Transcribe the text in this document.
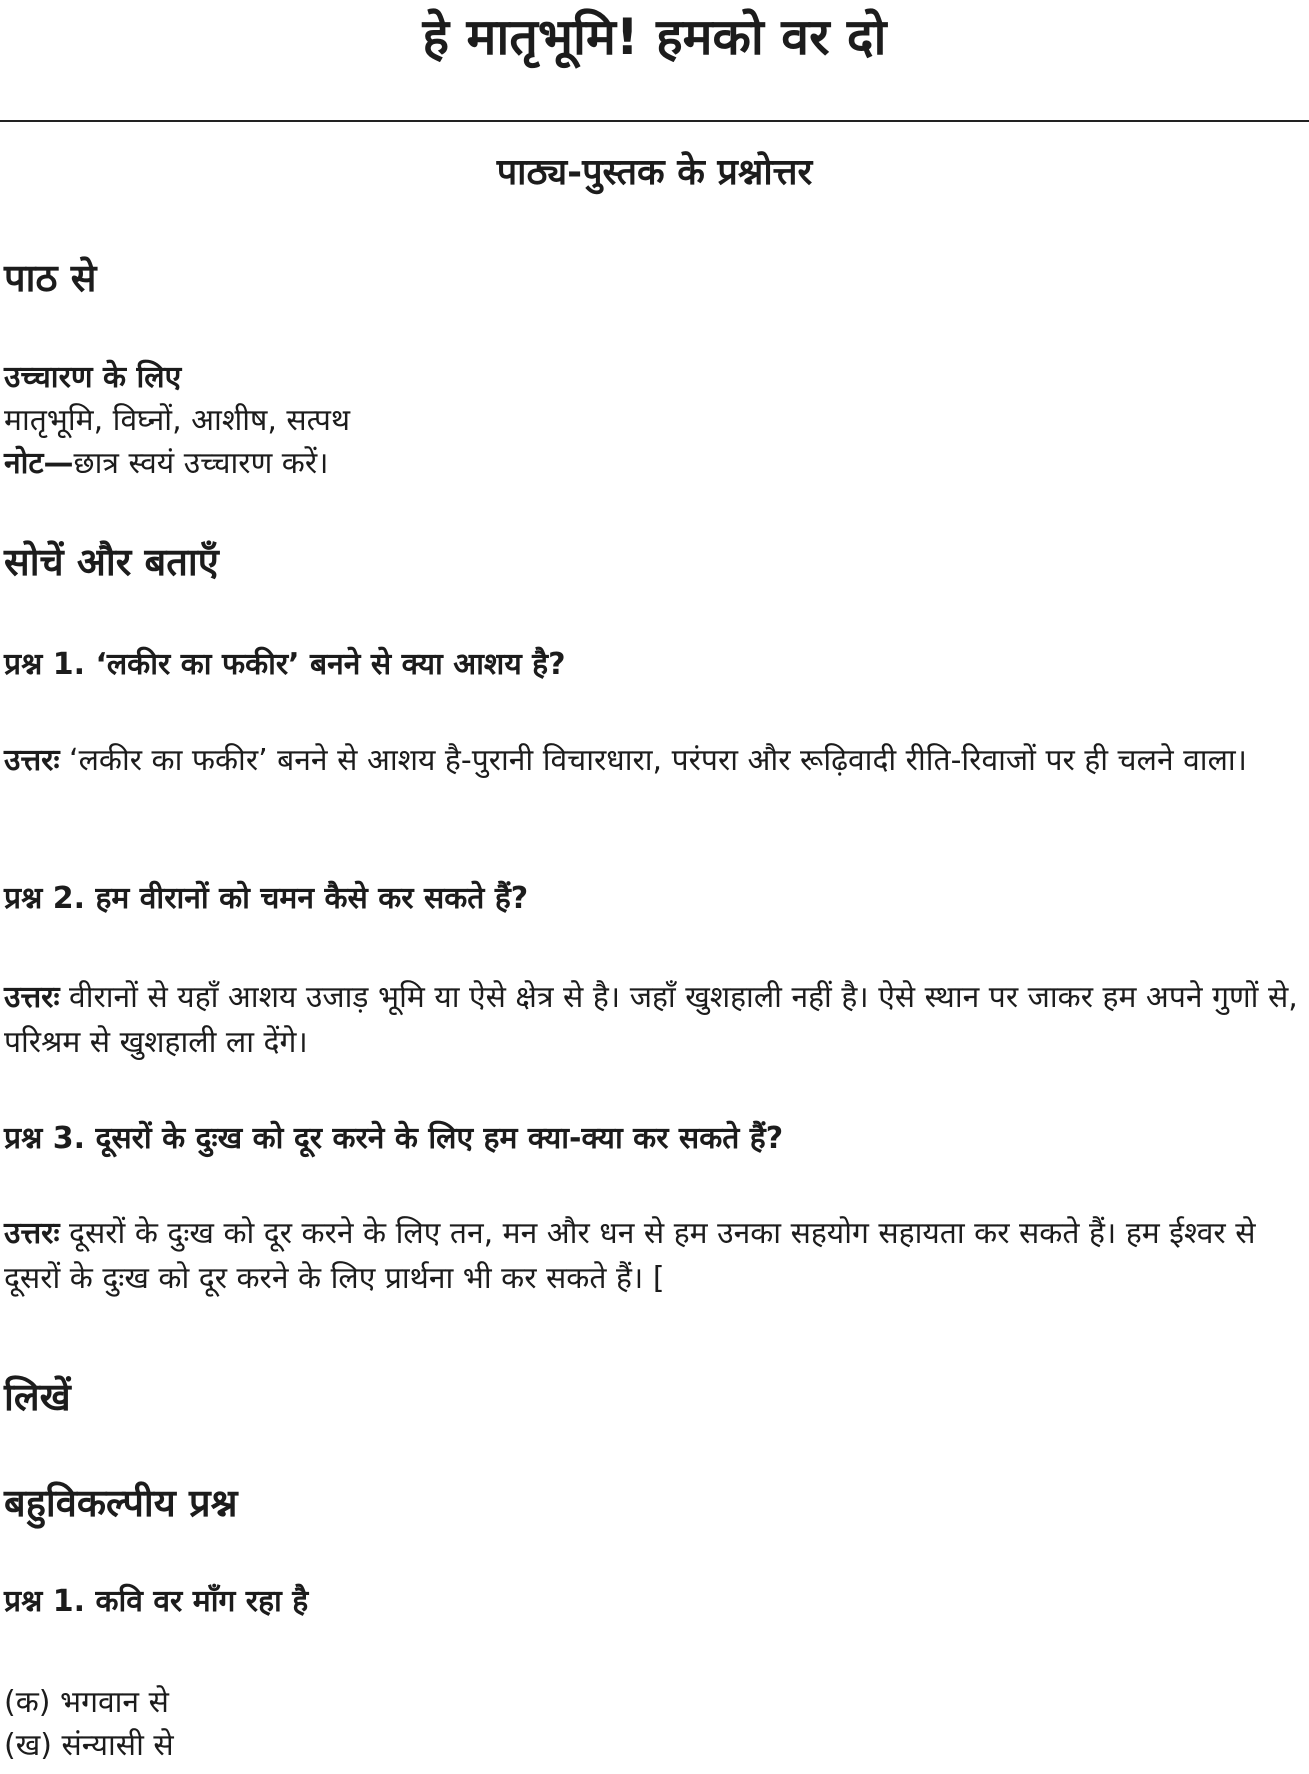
हे मातृभूमि! हमको वर दो
पाठ्य-पुस्तक के प्रश्नोत्तर
पाठ से

उच्चारण के लिए

मातृभूमि, विघ्नों, आशीष, सत्पथ

नोट—छात्र स्वयं उच्चारण करें।

सोचें और बताएँ

प्रश्न 1. ‘लकीर का फकीर’ बनने से क्या आशय है?

उत्तरः ‘लकीर का फकीर’ बनने से आशय है-पुरानी विचारधारा, परंपरा और रूढ़िवादी रीति-रिवाजों पर ही चलने वाला।

प्रश्न 2. हम वीरानों को चमन कैसे कर सकते हैं?

उत्तरः वीरानों से यहाँ आशय उजाड़ भूमि या ऐसे क्षेत्र से है। जहाँ खुशहाली नहीं है। ऐसे स्थान पर जाकर हम अपने गुणों से, परिश्रम से खुशहाली ला देंगे।

प्रश्न 3. दूसरों के दुःख को दूर करने के लिए हम क्या-क्या कर सकते हैं?

उत्तरः दूसरों के दुःख को दूर करने के लिए तन, मन और धन से हम उनका सहयोग सहायता कर सकते हैं। हम ईश्वर से दूसरों के दुःख को दूर करने के लिए प्रार्थना भी कर सकते हैं। [

लिखें
बहुविकल्पीय प्रश्न

प्रश्न 1. कवि वर माँग रहा है

(क) भगवान से

(ख) संन्यासी से
